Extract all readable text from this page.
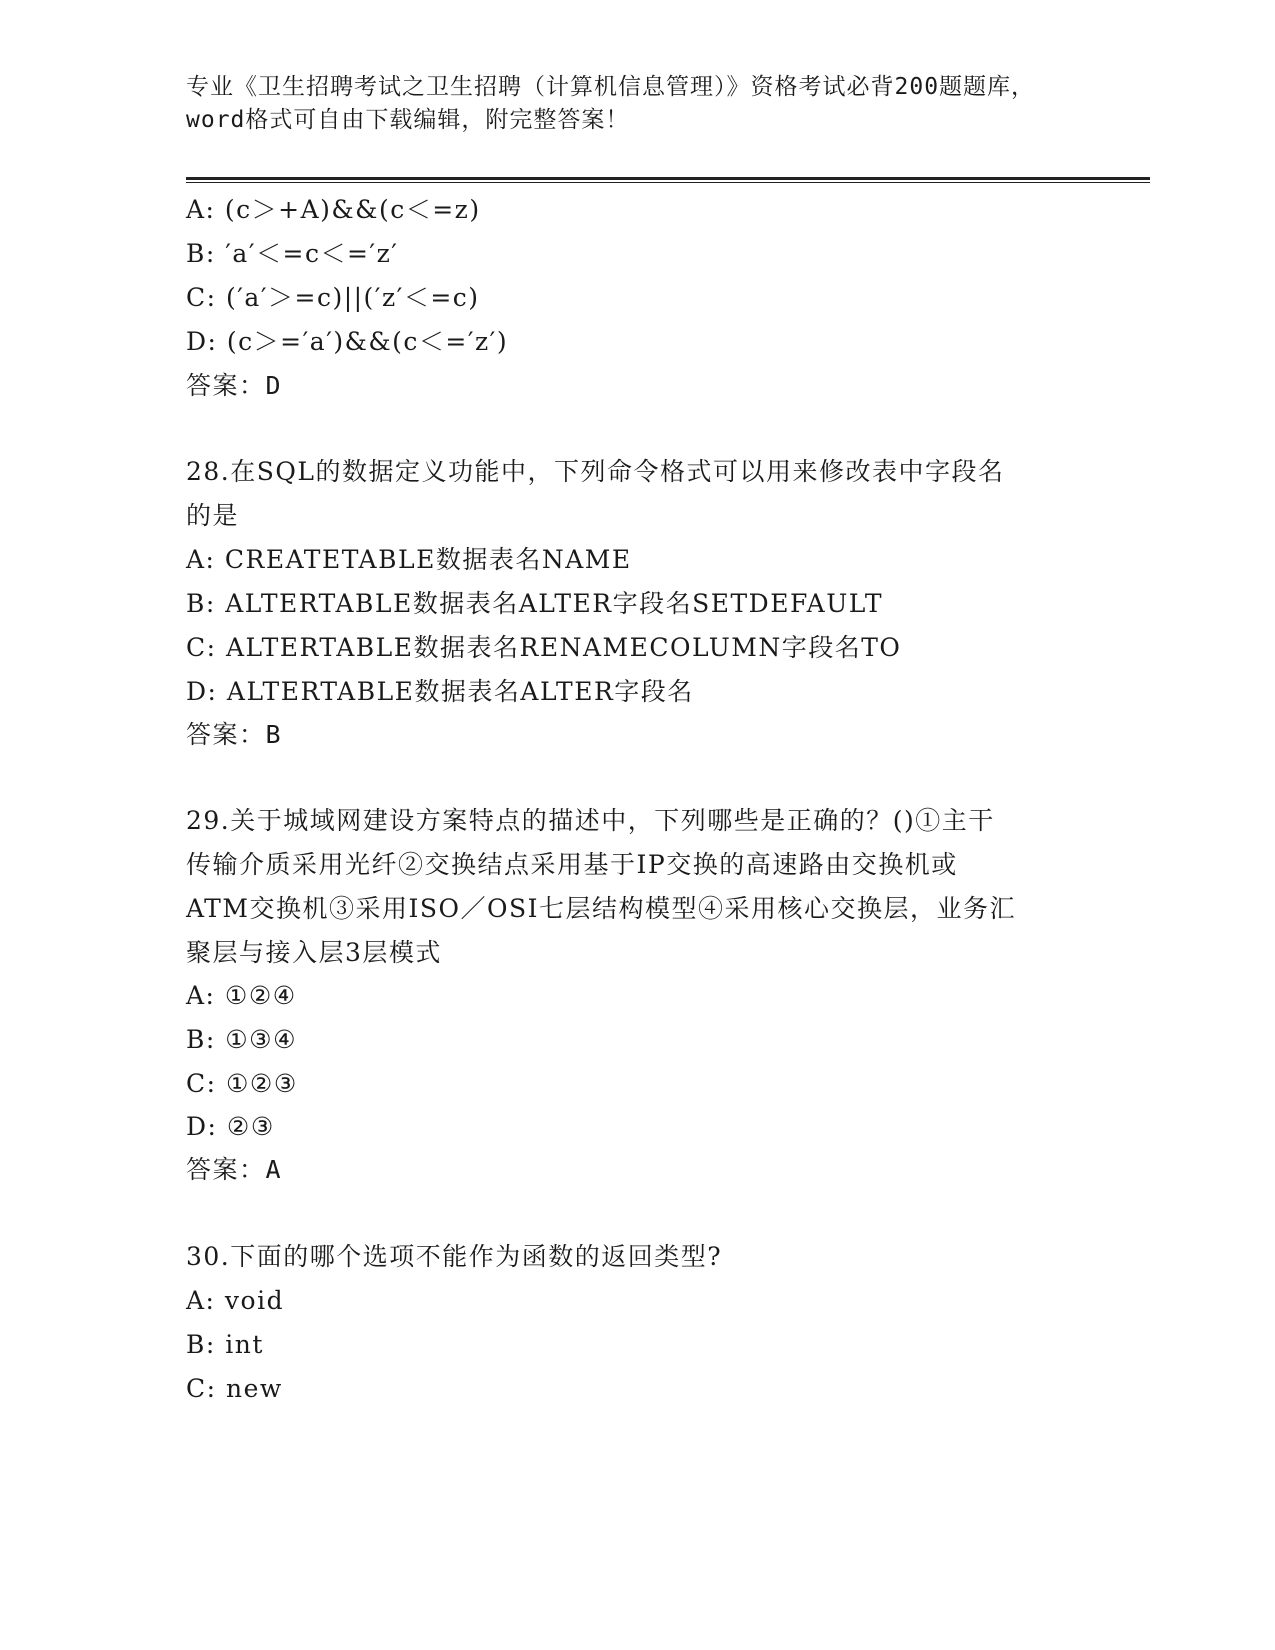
专业《卫生招聘考试之卫生招聘（计算机信息管理）》资格考试必背200题题库，
word格式可自由下载编辑，附完整答案！
A: (c＞+A)&&(c＜=z)
B: ′a′＜=c＜=′z′
C: (′a′＞=c)||(′z′＜=c)
D: (c＞=′a′)&&(c＜=′z′)
答案：D
28.在SQL的数据定义功能中，下列命令格式可以用来修改表中字段名
的是
A: CREATETABLE数据表名NAME
B: ALTERTABLE数据表名ALTER字段名SETDEFAULT
C: ALTERTABLE数据表名RENAMECOLUMN字段名TO
D: ALTERTABLE数据表名ALTER字段名
答案：B
29.关于城域网建设方案特点的描述中，下列哪些是正确的？()①主干
传输介质采用光纤②交换结点采用基于IP交换的高速路由交换机或
ATM交换机③采用ISO／OSI七层结构模型④采用核心交换层，业务汇
聚层与接入层3层模式
A: ①②④
B: ①③④
C: ①②③
D: ②③
答案：A
30.下面的哪个选项不能作为函数的返回类型?
A: void
B: int
C: new
